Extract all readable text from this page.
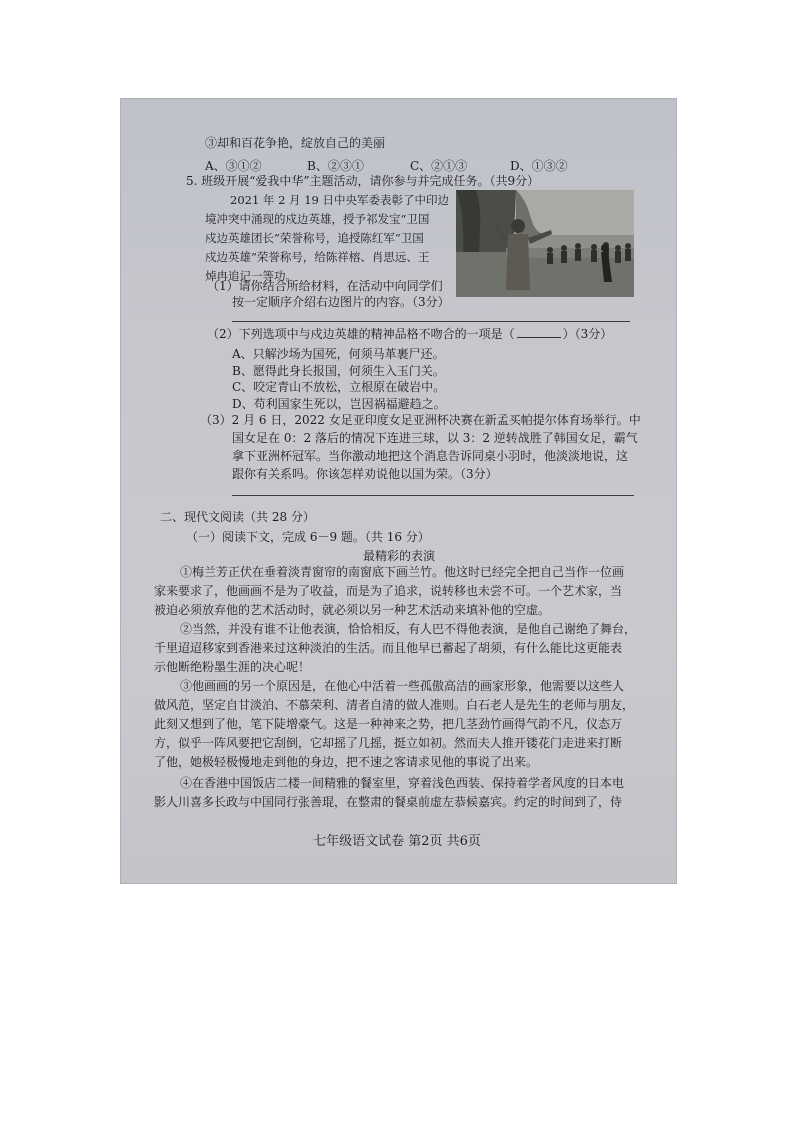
③却和百花争艳，绽放自己的美丽
A、③①②	B、②③①	C、②①③	D、①③②
5. 班级开展“爱我中华”主题活动，请你参与并完成任务。（共9分）
2021 年 2 月 19 日中央军委表彰了中印边
境冲突中涌现的戍边英雄，授予祁发宝“卫国
戍边英雄团长”荣誉称号，追授陈红军“卫国
戍边英雄”荣誉称号，给陈祥榕、肖思远、王
焯冉追记一等功。
（1）请你结合所给材料，在活动中向同学们
按一定顺序介绍右边图片的内容。（3分）
（2）下列选项中与戍边英雄的精神品格不吻合的一项是（	）（3分）
A、只解沙场为国死，何须马革裹尸还。
B、愿得此身长报国，何须生入玉门关。
C、咬定青山不放松，立根原在破岩中。
D、苟利国家生死以，岂因祸福避趋之。
（3）2 月 6 日，2022 女足亚印度女足亚洲杯决赛在新孟买帕提尔体育场举行。中
国女足在 0：2 落后的情况下连进三球，以 3：2 逆转战胜了韩国女足，霸气
拿下亚洲杯冠军。当你激动地把这个消息告诉同桌小羽时，他淡淡地说，这
跟你有关系吗。你该怎样劝说他以国为荣。（3分）
二、现代文阅读（共 28 分）
（一）阅读下文，完成 6－9 题。（共 16 分）
最精彩的表演
①梅兰芳正伏在垂着淡青窗帘的南窗底下画兰竹。他这时已经完全把自己当作一位画
家来要求了，他画画不是为了收益，而是为了追求，说转移也未尝不可。一个艺术家，当
被迫必须放弃他的艺术活动时，就必须以另一种艺术活动来填补他的空虚。
②当然，并没有谁不让他表演，恰恰相反，有人巴不得他表演，是他自己谢绝了舞台，
千里迢迢移家到香港来过这种淡泊的生活。而且他早已蓄起了胡须，有什么能比这更能表
示他断绝粉墨生涯的决心呢！
③他画画的另一个原因是，在他心中活着一些孤傲高洁的画家形象，他需要以这些人
做风范，坚定自甘淡泊、不慕荣利、清者自清的做人准则。白石老人是先生的老师与朋友，
此刻又想到了他，笔下陡增豪气。这是一种神来之势，把几茎劲竹画得气韵不凡，仪态万
方，似乎一阵风要把它刮倒，它却摇了几摇，挺立如初。然而夫人推开镂花门走进来打断
了他，她极轻极慢地走到他的身边，把不速之客请求见他的事说了出来。
④在香港中国饭店二楼一间精雅的餐室里，穿着浅色西装、保持着学者风度的日本电
影人川喜多长政与中国同行张善琨，在整肃的餐桌前虚左恭候嘉宾。约定的时间到了，侍
七年级语文试卷 第2页 共6页
